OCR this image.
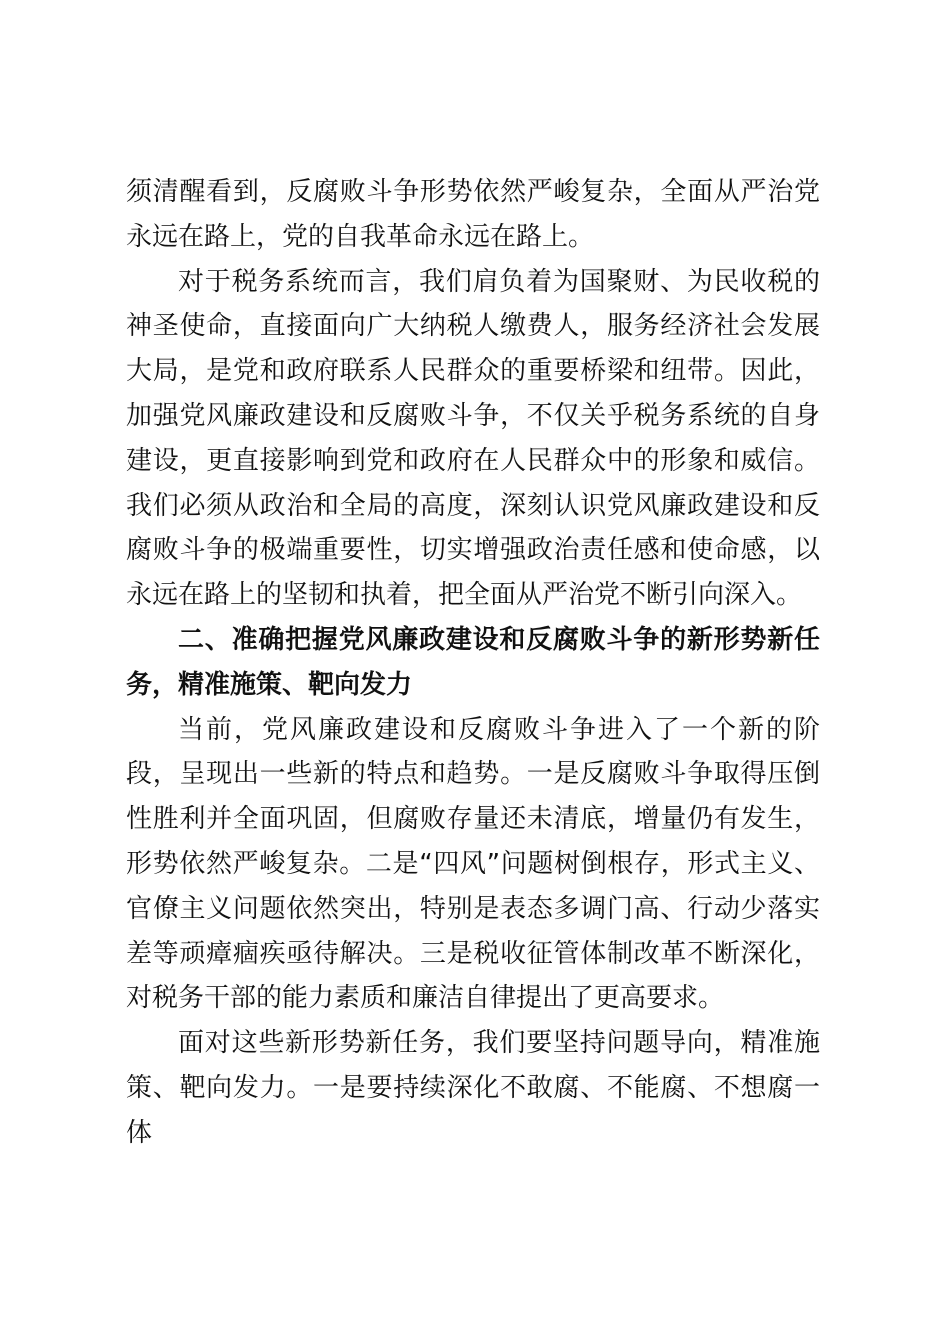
须清醒看到，反腐败斗争形势依然严峻复杂，全面从严治党永远在路上，党的自我革命永远在路上。

对于税务系统而言，我们肩负着为国聚财、为民收税的神圣使命，直接面向广大纳税人缴费人，服务经济社会发展大局，是党和政府联系人民群众的重要桥梁和纽带。因此，加强党风廉政建设和反腐败斗争，不仅关乎税务系统的自身建设，更直接影响到党和政府在人民群众中的形象和威信。我们必须从政治和全局的高度，深刻认识党风廉政建设和反腐败斗争的极端重要性，切实增强政治责任感和使命感，以永远在路上的坚韧和执着，把全面从严治党不断引向深入。

二、准确把握党风廉政建设和反腐败斗争的新形势新任务，精准施策、靶向发力

当前，党风廉政建设和反腐败斗争进入了一个新的阶段，呈现出一些新的特点和趋势。一是反腐败斗争取得压倒性胜利并全面巩固，但腐败存量还未清底，增量仍有发生，形势依然严峻复杂。二是“四风”问题树倒根存，形式主义、官僚主义问题依然突出，特别是表态多调门高、行动少落实差等顽瘴痼疾亟待解决。三是税收征管体制改革不断深化，对税务干部的能力素质和廉洁自律提出了更高要求。

面对这些新形势新任务，我们要坚持问题导向，精准施策、靶向发力。一是要持续深化不敢腐、不能腐、不想腐一体
